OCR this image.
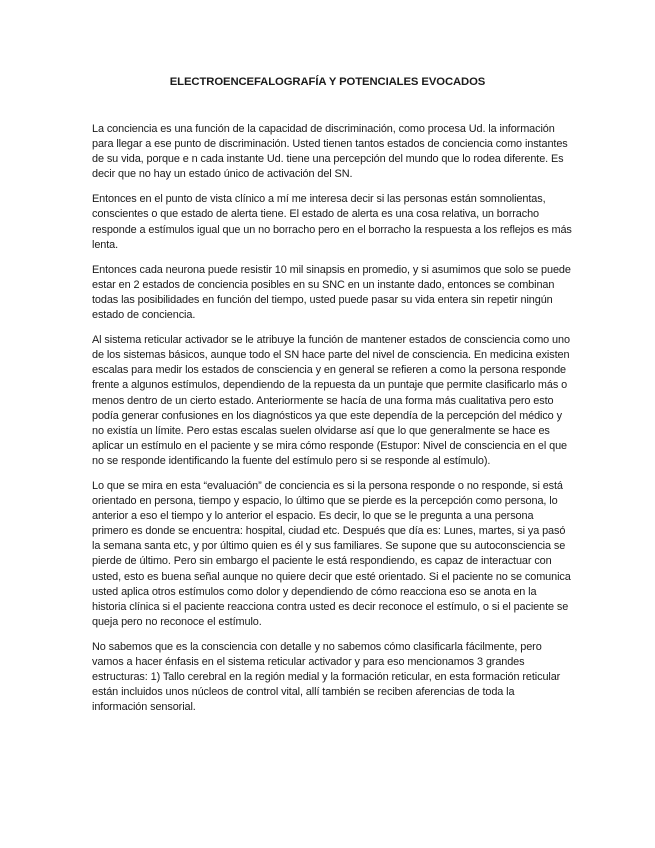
ELECTROENCEFALOGRAFÍA Y POTENCIALES EVOCADOS

La conciencia es una función de la capacidad de discriminación, como procesa Ud. la información para llegar a ese punto de discriminación. Usted tienen tantos estados de conciencia como instantes de su vida, porque e n cada instante Ud. tiene una percepción del mundo que lo rodea diferente. Es decir que no hay un estado único de activación del SN.

Entonces en el punto de vista clínico a mí me interesa decir si las personas están somnolientas, conscientes o que estado de alerta tiene. El estado de alerta es una cosa relativa, un borracho responde a estímulos igual que un no borracho pero en el borracho la respuesta a los reflejos es más lenta.

Entonces cada neurona puede resistir 10 mil sinapsis en promedio, y si asumimos que solo se puede estar en 2 estados de conciencia posibles en su SNC en un instante dado, entonces se combinan todas las posibilidades en función del tiempo, usted puede pasar su vida entera sin repetir ningún estado de conciencia.

Al sistema reticular activador se le atribuye la función de mantener estados de consciencia como uno de los sistemas básicos, aunque todo el SN hace parte del nivel de consciencia. En medicina existen escalas para medir los estados de consciencia y en general se refieren a como la persona responde frente a algunos estímulos, dependiendo de la repuesta da un puntaje que permite clasificarlo más o menos dentro de un cierto estado. Anteriormente se hacía de una forma más cualitativa pero esto podía generar confusiones en los diagnósticos ya que este dependía de la percepción del médico y no existía un límite. Pero estas escalas suelen olvidarse así que lo que generalmente se hace es aplicar un estímulo en el paciente y se mira cómo responde (Estupor: Nivel de consciencia en el que no se responde identificando la fuente del estímulo pero si se responde al estímulo).

Lo que se mira en esta “evaluación” de conciencia es si la persona responde o no responde, si está orientado en persona, tiempo y espacio, lo último que se pierde es la percepción como persona, lo anterior a eso el tiempo y lo anterior el espacio. Es decir, lo que se le pregunta a una persona primero es donde se encuentra: hospital, ciudad etc. Después que día es: Lunes, martes, si ya pasó la semana santa etc, y por último quien es él y sus familiares. Se supone que su autoconsciencia se pierde de último. Pero sin embargo el paciente le está respondiendo, es capaz de interactuar con usted, esto es buena señal aunque no quiere decir que esté orientado. Si el paciente no se comunica usted aplica otros estímulos como dolor y dependiendo de cómo reacciona eso se anota en la historia clínica si el paciente reacciona contra usted es decir reconoce el estímulo, o si el paciente se queja pero no reconoce el estímulo.

No sabemos que es la consciencia con detalle y no sabemos cómo clasificarla fácilmente, pero vamos a hacer énfasis en el sistema reticular activador y para eso mencionamos 3 grandes estructuras: 1) Tallo cerebral en la región medial y la formación reticular, en esta formación reticular están incluidos unos núcleos de control vital, allí también se reciben aferencias de toda la información sensorial.
